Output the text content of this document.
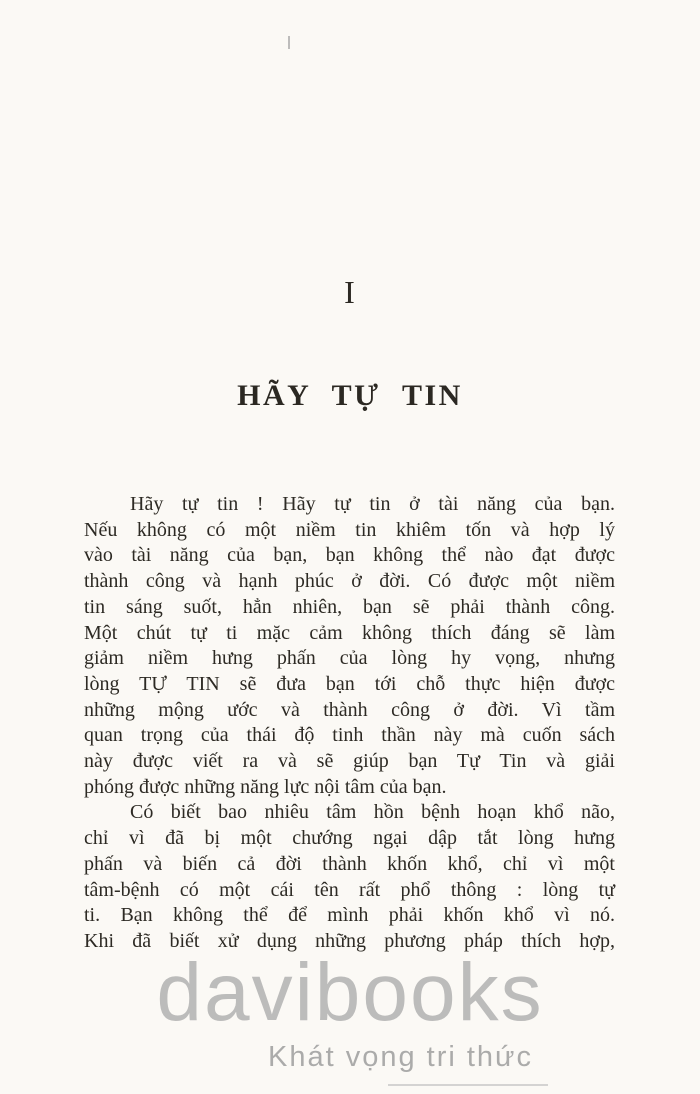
davibooks
Khát vọng tri thức
I
HÃY TỰ TIN
Hãy tự tin ! Hãy tự tin ở tài năng của bạn.
Nếu không có một niềm tin khiêm tốn và hợp lý
vào tài năng của bạn, bạn không thể nào đạt được
thành công và hạnh phúc ở đời. Có được một niềm
tin sáng suốt, hẳn nhiên, bạn sẽ phải thành công.
Một chút tự ti mặc cảm không thích đáng sẽ làm
giảm niềm hưng phấn của lòng hy vọng, nhưng
lòng TỰ TIN sẽ đưa bạn tới chỗ thực hiện được
những mộng ước và thành công ở đời. Vì tầm
quan trọng của thái độ tinh thần này mà cuốn sách
này được viết ra và sẽ giúp bạn Tự Tin và giải
phóng được những năng lực nội tâm của bạn.
Có biết bao nhiêu tâm hồn bệnh hoạn khổ não,
chỉ vì đã bị một chướng ngại dập tắt lòng hưng
phấn và biến cả đời thành khốn khổ, chỉ vì một
tâm-bệnh có một cái tên rất phổ thông : lòng tự
ti. Bạn không thể để mình phải khốn khổ vì nó.
Khi đã biết xử dụng những phương pháp thích hợp,
